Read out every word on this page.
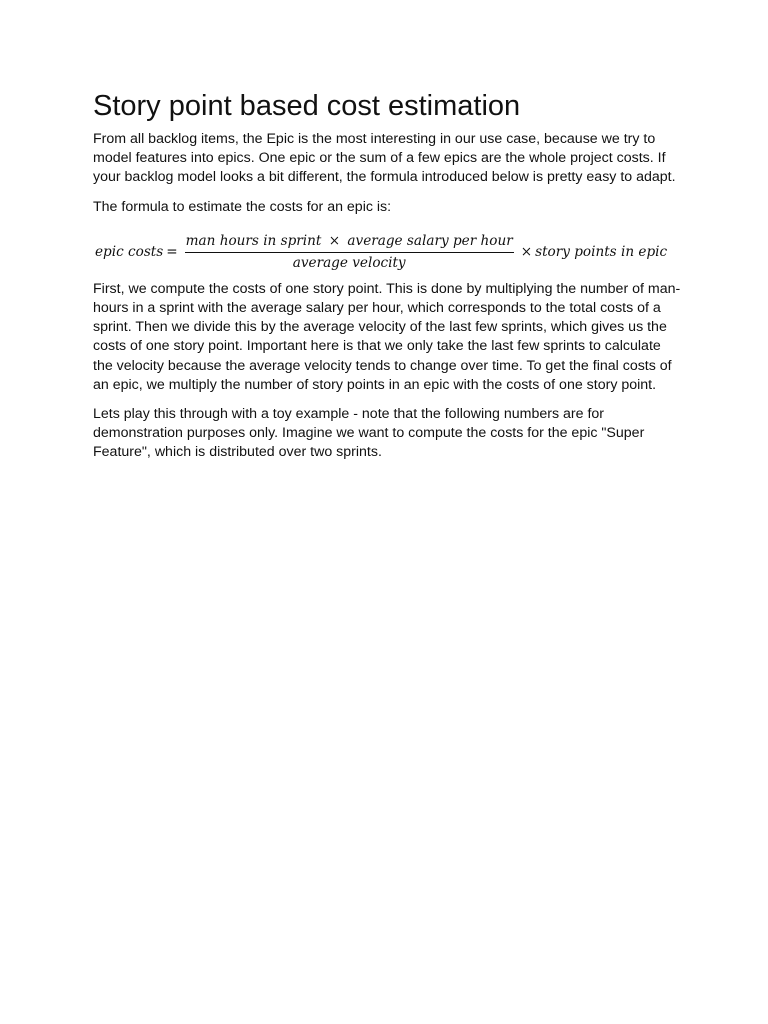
Story point based cost estimation

From all backlog items, the Epic is the most interesting in our use case, because we try to model features into epics. One epic or the sum of a few epics are the whole project costs. If your backlog model looks a bit different, the formula introduced below is pretty easy to adapt.

The formula to estimate the costs for an epic is:

epic costs =
man hours in sprint × average salary per hour
average velocity
× story points in epic

First, we compute the costs of one story point. This is done by multiplying the number of man-hours in a sprint with the average salary per hour, which corresponds to the total costs of a sprint. Then we divide this by the average velocity of the last few sprints, which gives us the costs of one story point. Important here is that we only take the last few sprints to calculate the velocity because the average velocity tends to change over time. To get the final costs of an epic, we multiply the number of story points in an epic with the costs of one story point.

Lets play this through with a toy example - note that the following numbers are for demonstration purposes only. Imagine we want to compute the costs for the epic "Super Feature", which is distributed over two sprints.
